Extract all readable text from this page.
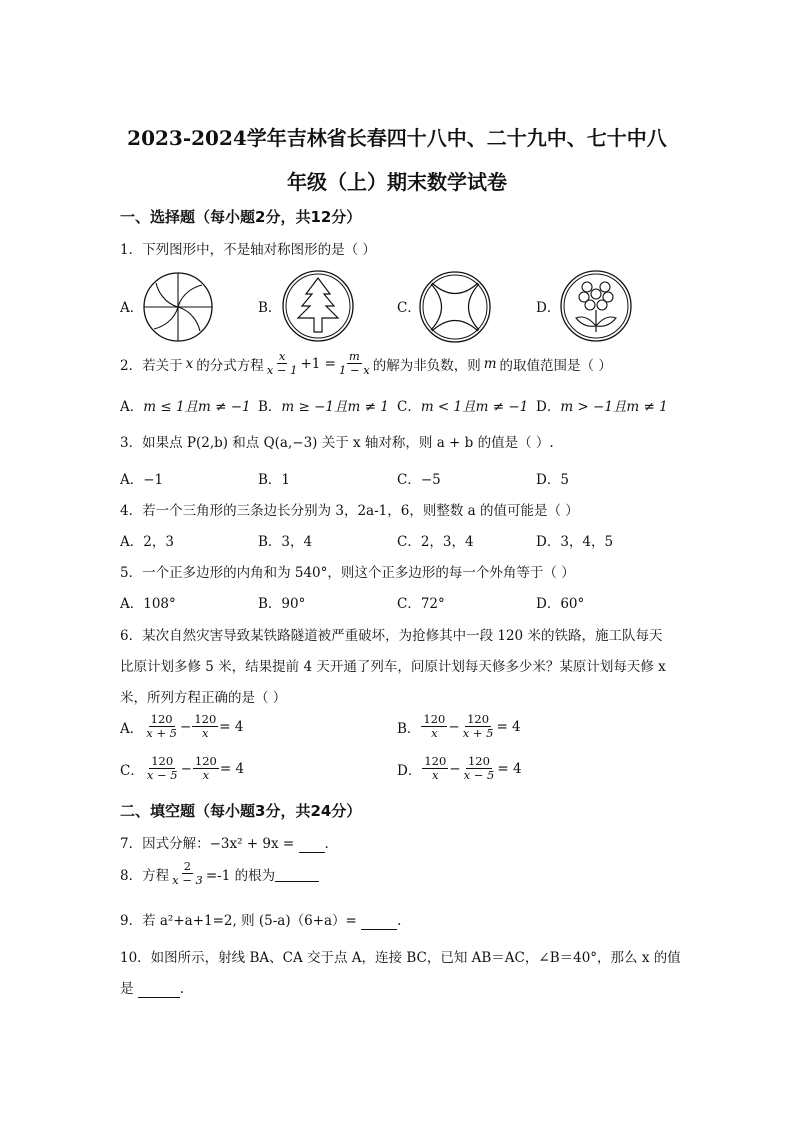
2023-2024学年吉林省长春四十八中、二十九中、七十中八
年级（上）期末数学试卷
一、选择题（每小题2分，共12分）
1．下列图形中，不是轴对称图形的是（ ）
A．	B．	C．	D．
2．若关于 x 的分式方程 $\frac{x}{x - 1} +1 = \frac{m}{1 - x}$ 的解为非负数，则 m 的取值范围是（ ）
A．m ≤ 1且m ≠ −1 B．m ≥ −1且m ≠ 1 C．m < 1且m ≠ −1 D．m > −1且m ≠ 1
3．如果点 P(2,b) 和点 Q(a,−3) 关于 x 轴对称，则 a + b 的值是（ ）.
A．−1	B．1	C．−5	D．5
4．若一个三角形的三条边长分别为 3，2a-1，6，则整数 a 的值可能是（ ）
A．2，3	B．3，4	C．2，3，4	D．3，4，5
5．一个正多边形的内角和为 540°，则这个正多边形的每一个外角等于（ ）
A．108°	B．90°	C．72°	D．60°
6．某次自然灾害导致某铁路隧道被严重破坏，为抢修其中一段 120 米的铁路，施工队每天
比原计划多修 5 米，结果提前 4 天开通了列车，问原计划每天修多少米？某原计划每天修 x
米，所列方程正确的是（ ）
A． $\frac{120}{x + 5} - \frac{120}{x} = 4$	B． $\frac{120}{x} - \frac{120}{x + 5} = 4$
C． $\frac{120}{x - 5} - \frac{120}{x} = 4$	D． $\frac{120}{x} - \frac{120}{x - 5} = 4$
二、填空题（每小题3分，共24分）
7．因式分解：−3x² + 9x = .
8．方程 $\frac{2}{x - 3} =-1$ 的根为
9．若 a²+a+1=2, 则 (5-a)（6+a）=	.
10．如图所示，射线 BA、CA 交于点 A，连接 BC，已知 AB＝AC，∠B＝40°，那么 x 的值
是	.
